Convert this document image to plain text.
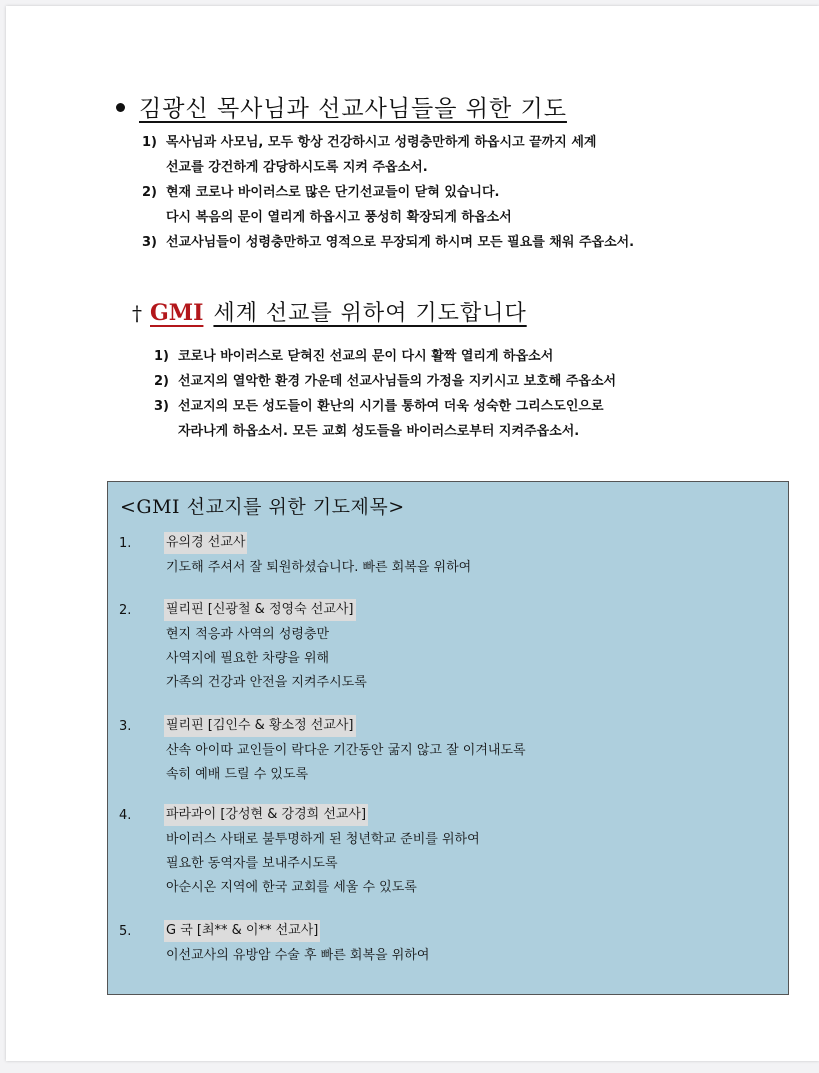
김광신 목사님과 선교사님들을 위한 기도
1) 목사님과 사모님, 모두 항상 건강하시고 성령충만하게 하옵시고 끝까지 세계
선교를 강건하게 감당하시도록 지켜 주옵소서.
2) 현재 코로나 바이러스로 많은 단기선교들이 닫혀 있습니다.
다시 복음의 문이 열리게 하옵시고 풍성히 확장되게 하옵소서
3) 선교사님들이 성령충만하고 영적으로 무장되게 하시며 모든 필요를 채워 주옵소서.
† GMI 세계 선교를 위하여 기도합니다
1) 코로나 바이러스로 닫혀진 선교의 문이 다시 활짝 열리게 하옵소서
2) 선교지의 열악한 환경 가운데 선교사님들의 가정을 지키시고 보호해 주옵소서
3) 선교지의 모든 성도들이 환난의 시기를 통하여 더욱 성숙한 그리스도인으로
자라나게 하옵소서. 모든 교회 성도들을 바이러스로부터 지켜주옵소서.
<GMI 선교지를 위한 기도제목>
1.	유의경 선교사
기도해 주셔서 잘 퇴원하셨습니다. 빠른 회복을 위하여
2.	필리핀 [신광철 & 정영숙 선교사]
현지 적응과 사역의 성령충만
사역지에 필요한 차량을 위해
가족의 건강과 안전을 지켜주시도록
3.	필리핀 [김인수 & 황소정 선교사]
산속 아이따 교인들이 락다운 기간동안 굶지 않고 잘 이겨내도록
속히 예배 드릴 수 있도록
4.	파라과이 [강성현 & 강경희 선교사]
바이러스 사태로 불투명하게 된 청년학교 준비를 위하여
필요한 동역자를 보내주시도록
아순시온 지역에 한국 교회를 세울 수 있도록
5.	G 국 [최** & 이** 선교사]
이선교사의 유방암 수술 후 빠른 회복을 위하여
